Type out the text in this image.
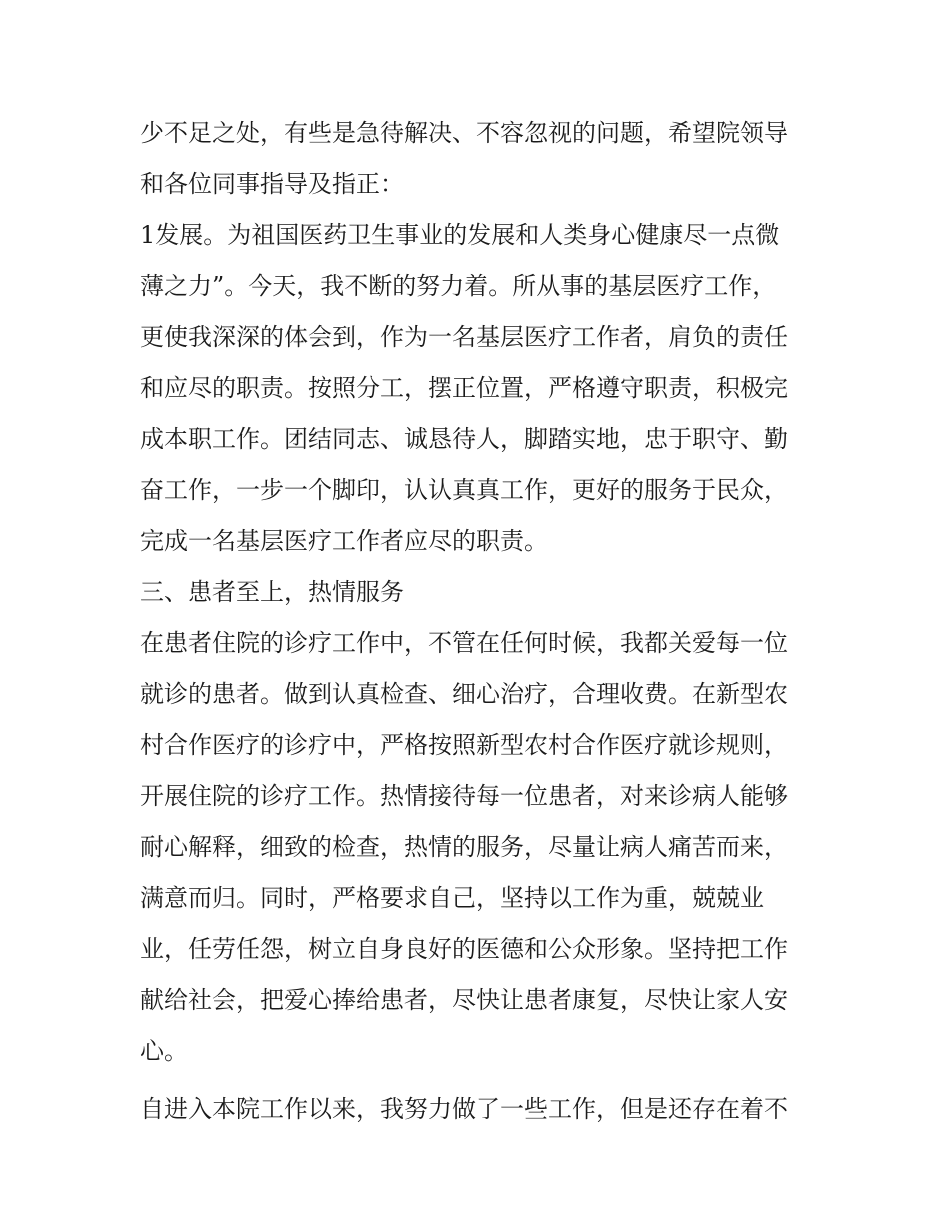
少不足之处，有些是急待解决、不容忽视的问题，希望院领导
和各位同事指导及指正：
1发展。为祖国医药卫生事业的发展和人类身心健康尽一点微
薄之力”。今天，我不断的努力着。所从事的基层医疗工作，
更使我深深的体会到，作为一名基层医疗工作者，肩负的责任
和应尽的职责。按照分工，摆正位置，严格遵守职责，积极完
成本职工作。团结同志、诚恳待人，脚踏实地，忠于职守、勤
奋工作，一步一个脚印，认认真真工作，更好的服务于民众，
完成一名基层医疗工作者应尽的职责。
三、患者至上，热情服务
在患者住院的诊疗工作中，不管在任何时候，我都关爱每一位
就诊的患者。做到认真检查、细心治疗，合理收费。在新型农
村合作医疗的诊疗中，严格按照新型农村合作医疗就诊规则，
开展住院的诊疗工作。热情接待每一位患者，对来诊病人能够
耐心解释，细致的检查，热情的服务，尽量让病人痛苦而来，
满意而归。同时，严格要求自己，坚持以工作为重，兢兢业
业，任劳任怨，树立自身良好的医德和公众形象。坚持把工作
献给社会，把爱心捧给患者，尽快让患者康复，尽快让家人安
心。
自进入本院工作以来，我努力做了一些工作，但是还存在着不
